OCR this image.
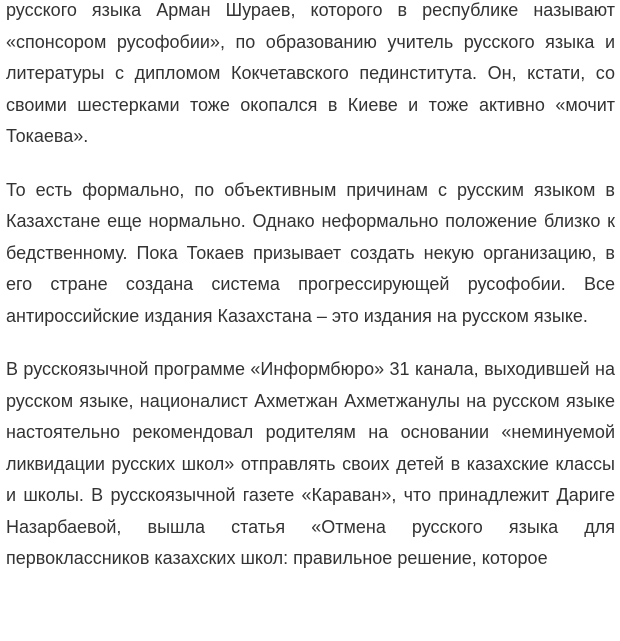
русского языка Арман Шураев, которого в республике называют «спонсором русофобии», по образованию учитель русского языка и литературы с дипломом Кокчетавского пединститута. Он, кстати, со своими шестерками тоже окопался в Киеве и тоже активно «мочит Токаева».

То есть формально, по объективным причинам с русским языком в Казахстане еще нормально. Однако неформально положение близко к бедственному. Пока Токаев призывает создать некую организацию, в его стране создана система прогрессирующей русофобии. Все антироссийские издания Казахстана – это издания на русском языке.

В русскоязычной программе «Информбюро» 31 канала, выходившей на русском языке, националист Ахметжан Ахметжанулы на русском языке настоятельно рекомендовал родителям на основании «неминуемой ликвидации русских школ» отправлять своих детей в казахские классы и школы. В русскоязычной газете «Караван», что принадлежит Дариге Назарбаевой, вышла статья «Отмена русского языка для первоклассников казахских школ: правильное решение, которое
